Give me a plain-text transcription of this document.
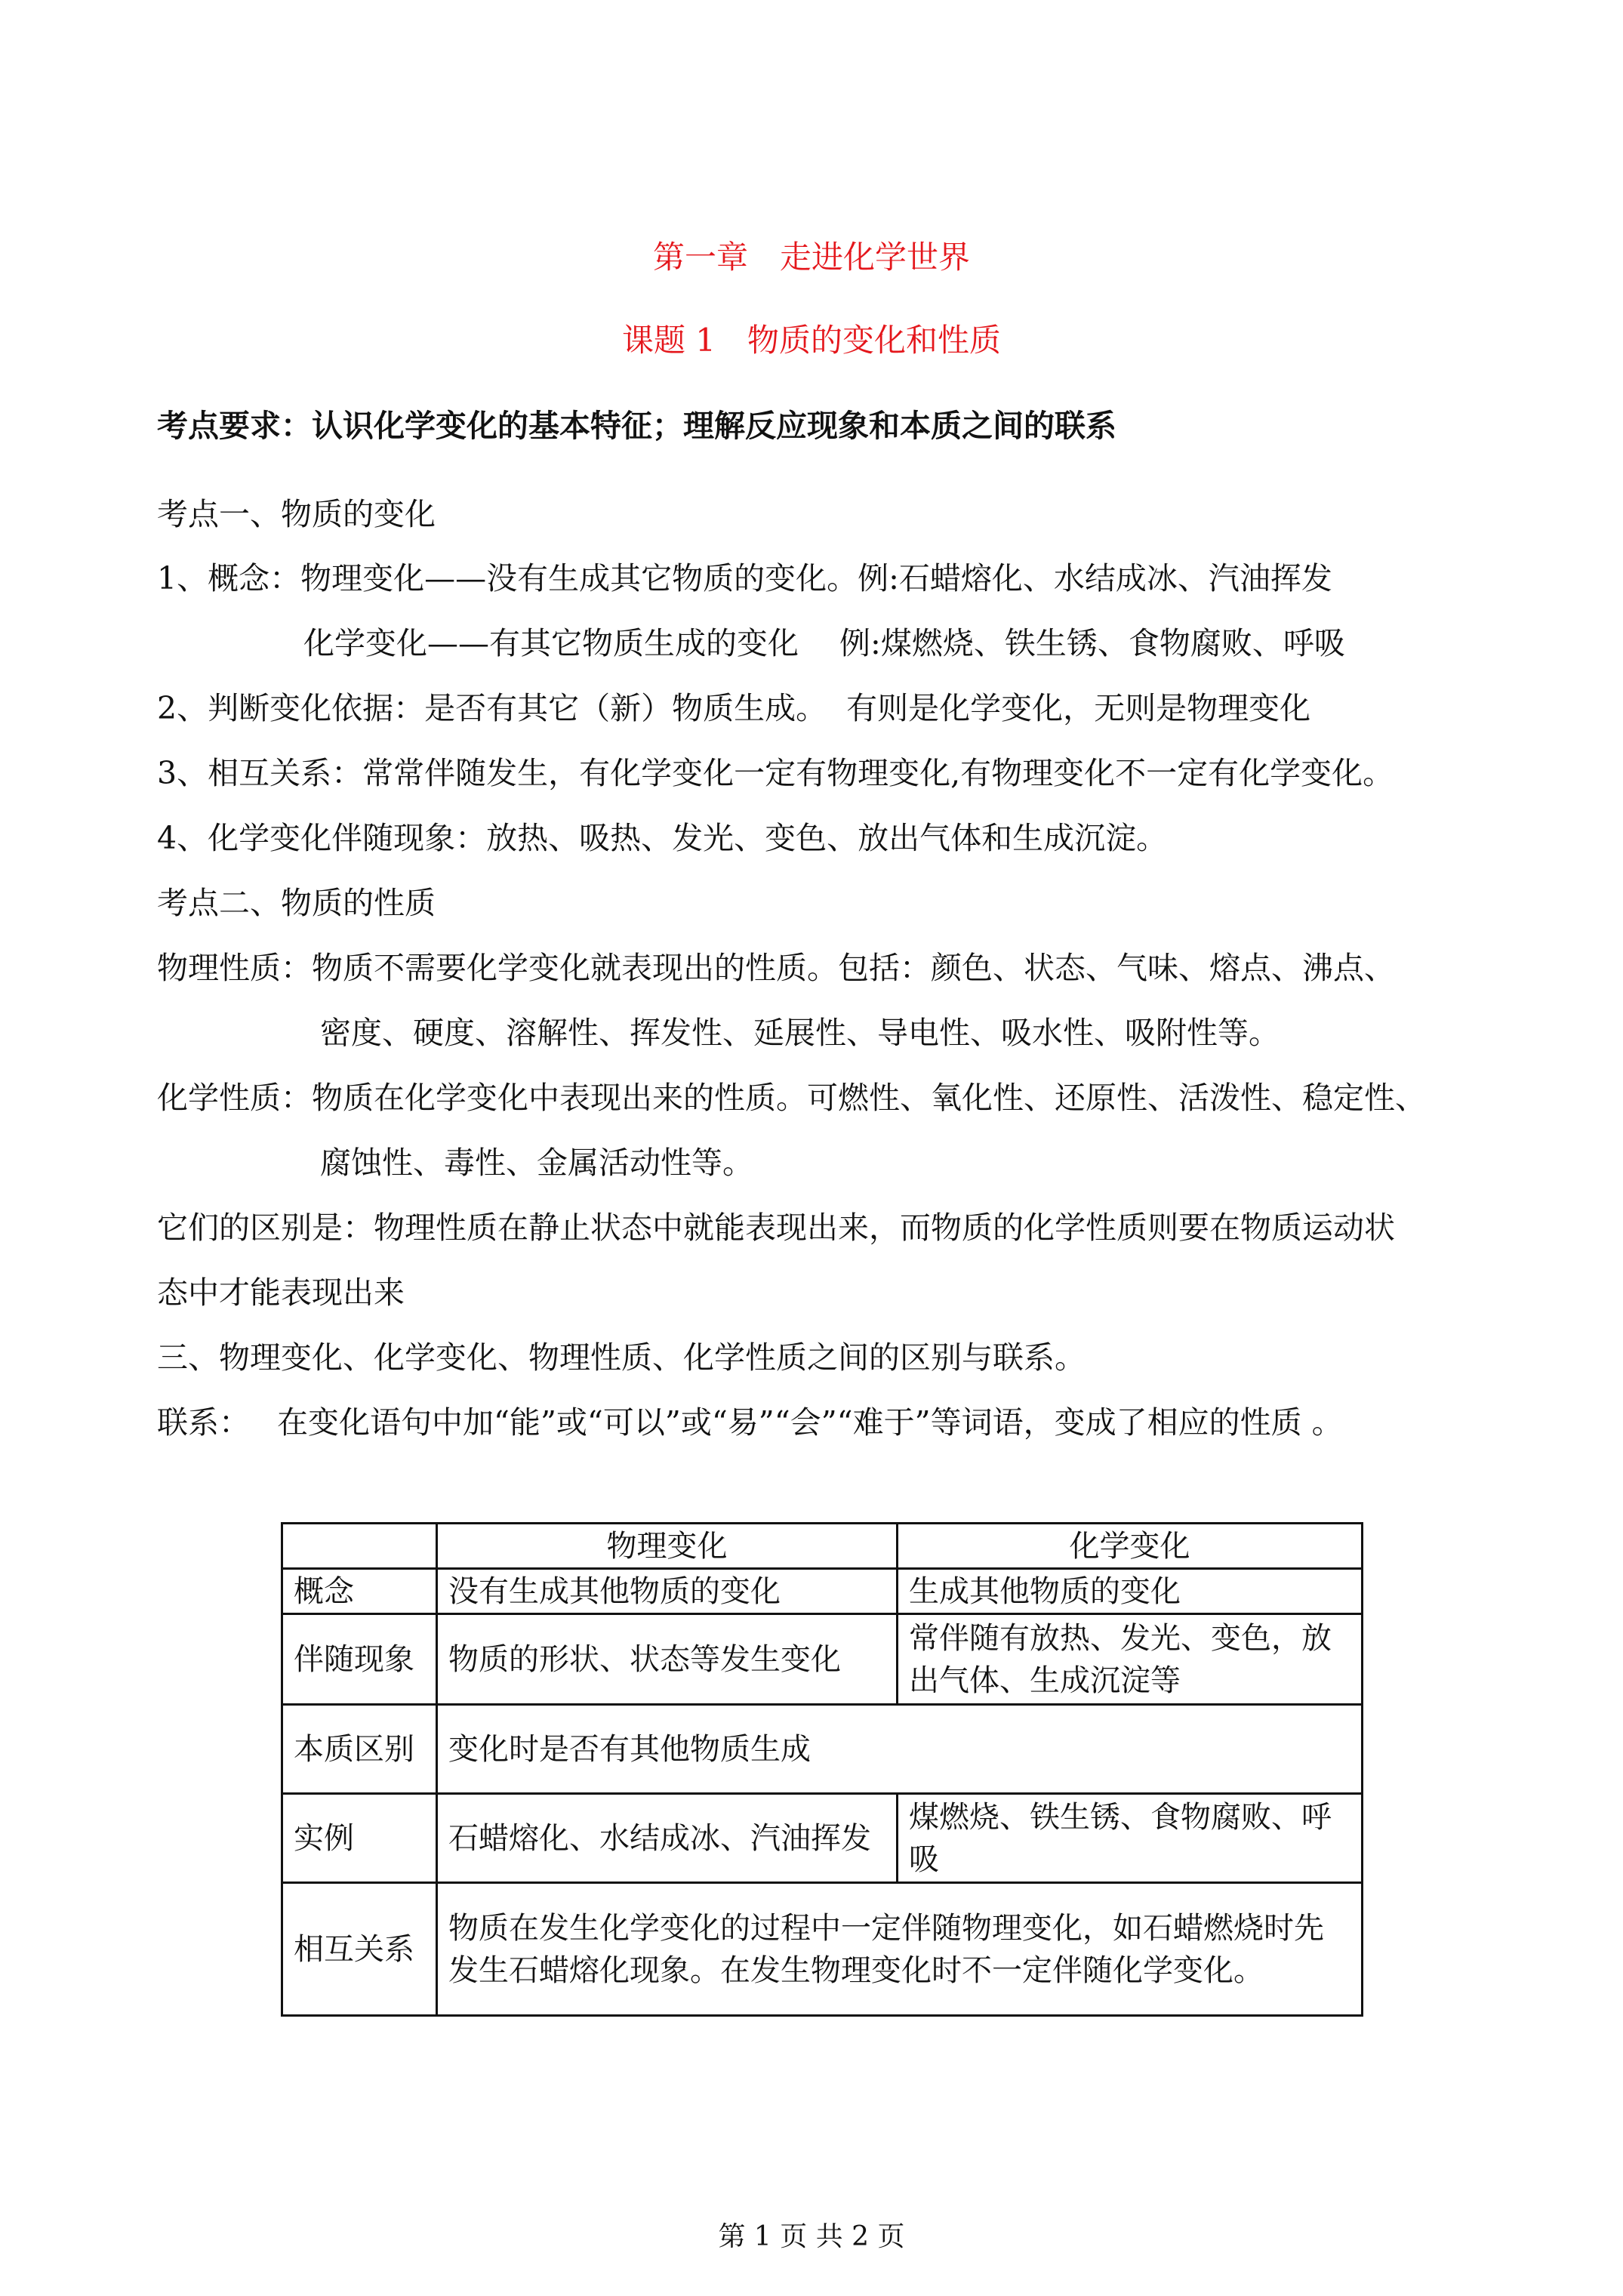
第一章　走进化学世界
课题 1　物质的变化和性质
考点要求：认识化学变化的基本特征；理解反应现象和本质之间的联系
考点一、物质的变化
1、概念：物理变化——没有生成其它物质的变化。例:石蜡熔化、水结成冰、汽油挥发
化学变化——有其它物质生成的变化　 例:煤燃烧、铁生锈、食物腐败、呼吸
2、判断变化依据：是否有其它（新）物质生成。 有则是化学变化，无则是物理变化
3、相互关系：常常伴随发生，有化学变化一定有物理变化,有物理变化不一定有化学变化。
4、化学变化伴随现象：放热、吸热、发光、变色、放出气体和生成沉淀。
考点二、物质的性质
物理性质：物质不需要化学变化就表现出的性质。包括：颜色、状态、气味、熔点、沸点、
密度、硬度、溶解性、挥发性、延展性、导电性、吸水性、吸附性等。
化学性质：物质在化学变化中表现出来的性质。可燃性、氧化性、还原性、活泼性、稳定性、
腐蚀性、毒性、金属活动性等。
它们的区别是：物理性质在静止状态中就能表现出来，而物质的化学性质则要在物质运动状
态中才能表现出来
三、物理变化、化学变化、物理性质、化学性质之间的区别与联系。
联系： 在变化语句中加“能”或“可以”或“易”“会”“难于”等词语，变成了相应的性质 。
	物理变化	化学变化
概念	没有生成其他物质的变化	生成其他物质的变化
伴随现象	物质的形状、状态等发生变化	常伴随有放热、发光、变色，放出气体、生成沉淀等
本质区别	变化时是否有其他物质生成	
实例	石蜡熔化、水结成冰、汽油挥发	煤燃烧、铁生锈、食物腐败、呼吸
相互关系	物质在发生化学变化的过程中一定伴随物理变化，如石蜡燃烧时先发生石蜡熔化现象。在发生物理变化时不一定伴随化学变化。	
第 1 页 共 2 页
